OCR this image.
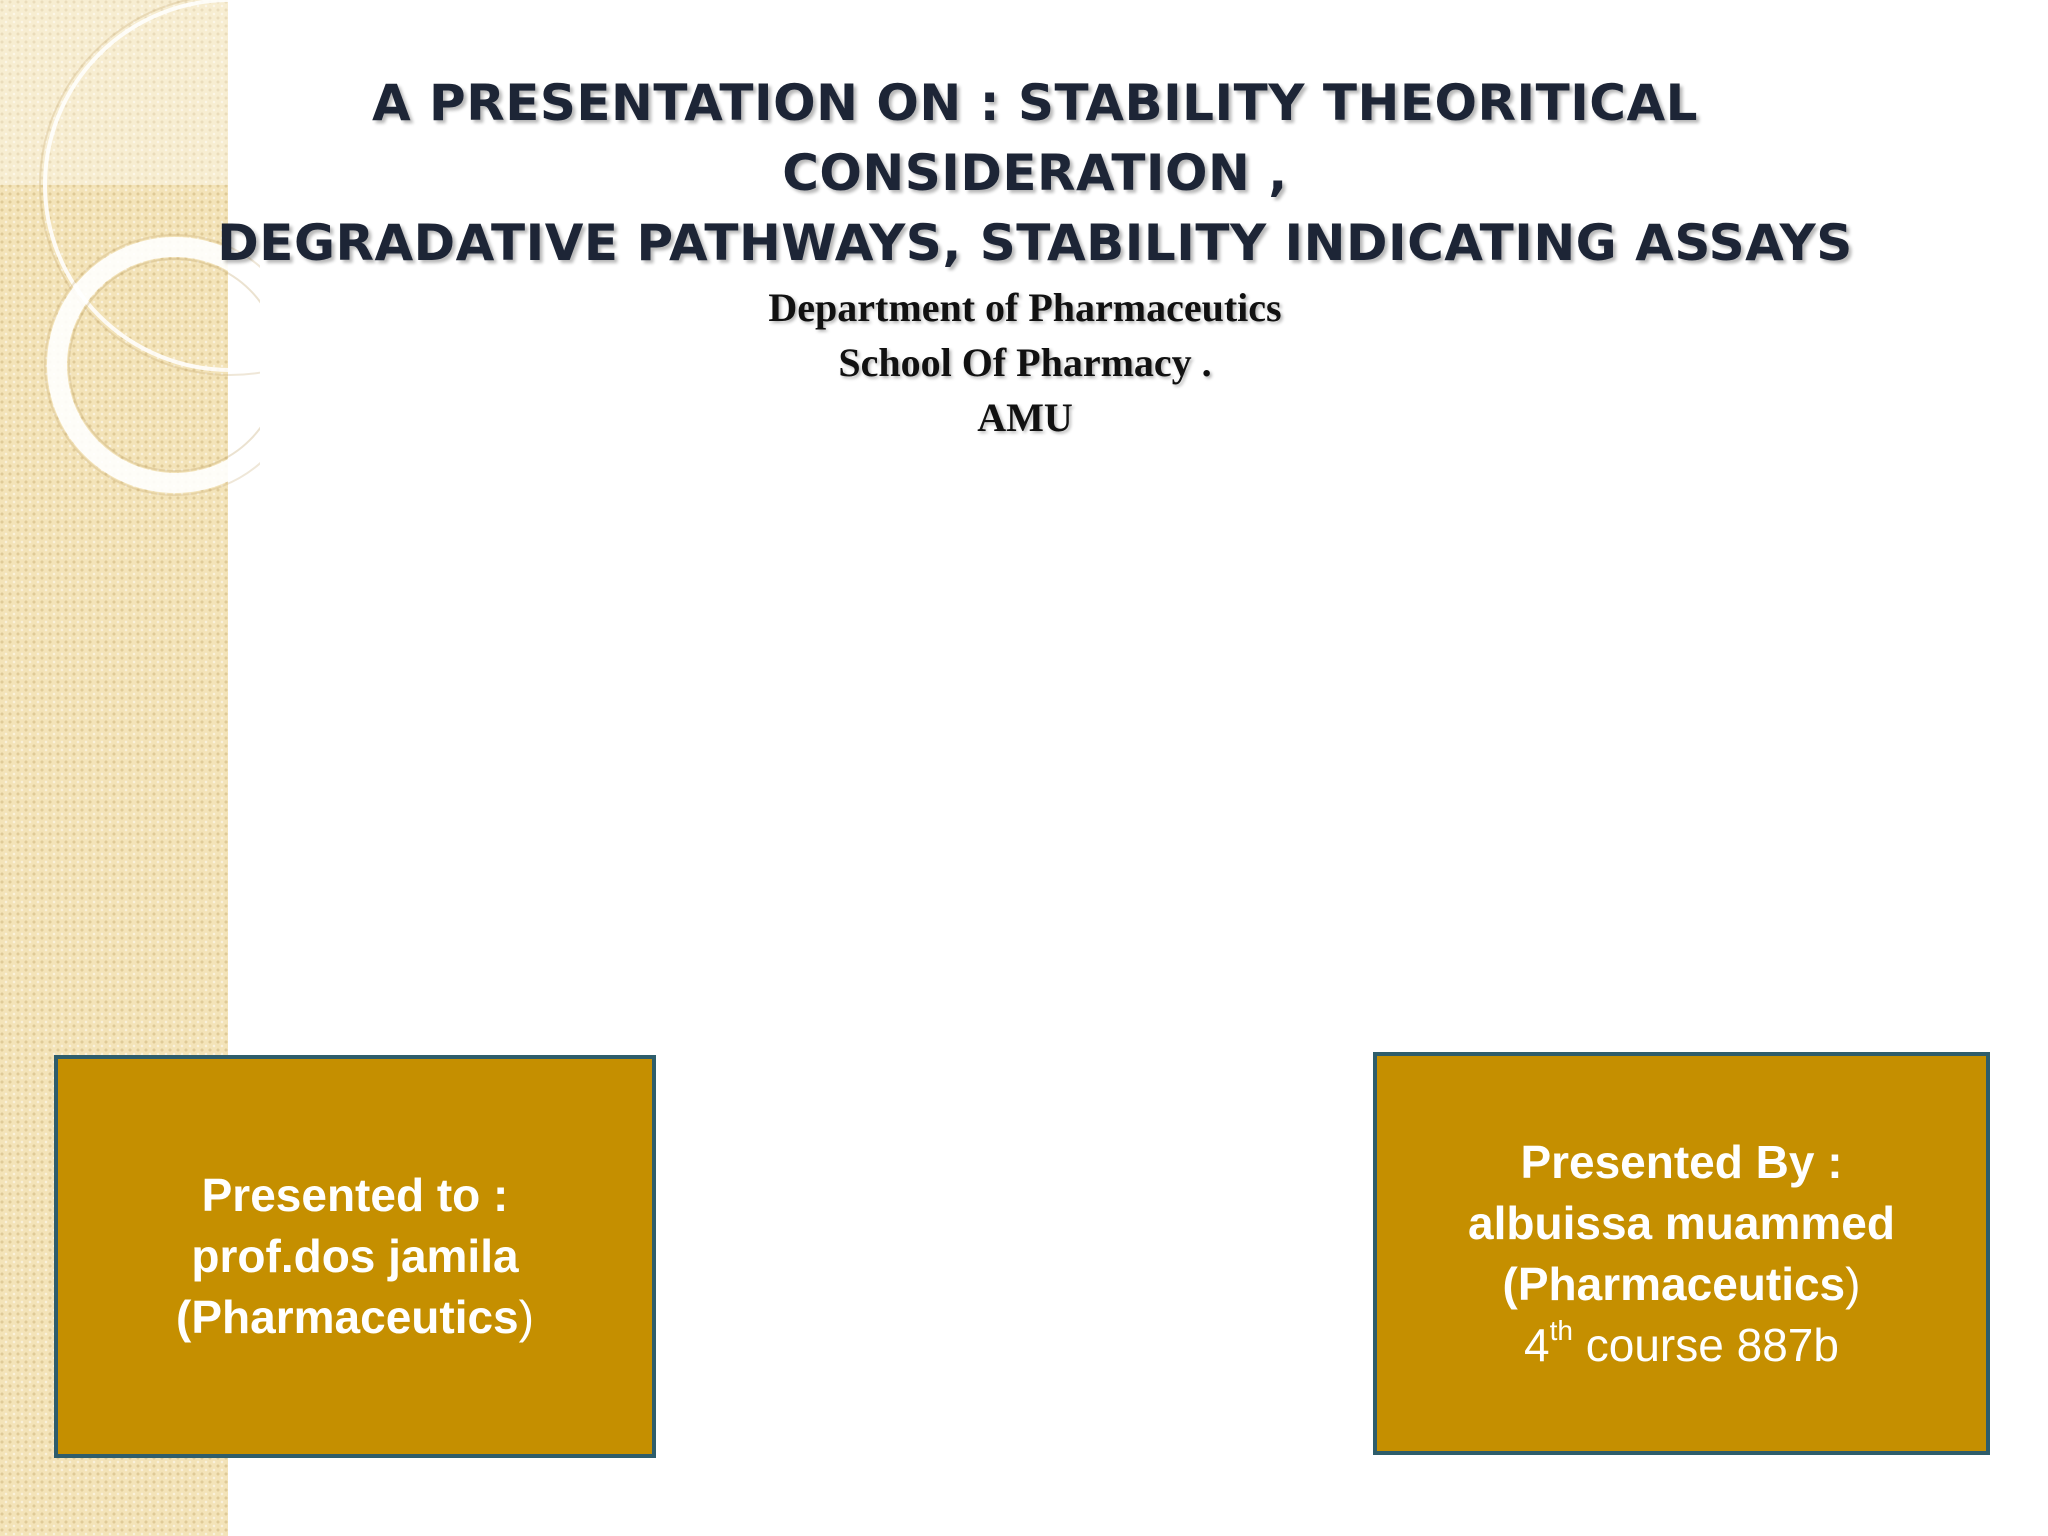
A PRESENTATION ON : STABILITY THEORITICAL CONSIDERATION ,
DEGRADATIVE PATHWAYS, STABILITY INDICATING ASSAYS
Department of Pharmaceutics
School Of Pharmacy .
AMU
Presented to :
prof.dos jamila
(Pharmaceutics)
Presented By :
albuissa muammed
(Pharmaceutics)
4th course 887b
